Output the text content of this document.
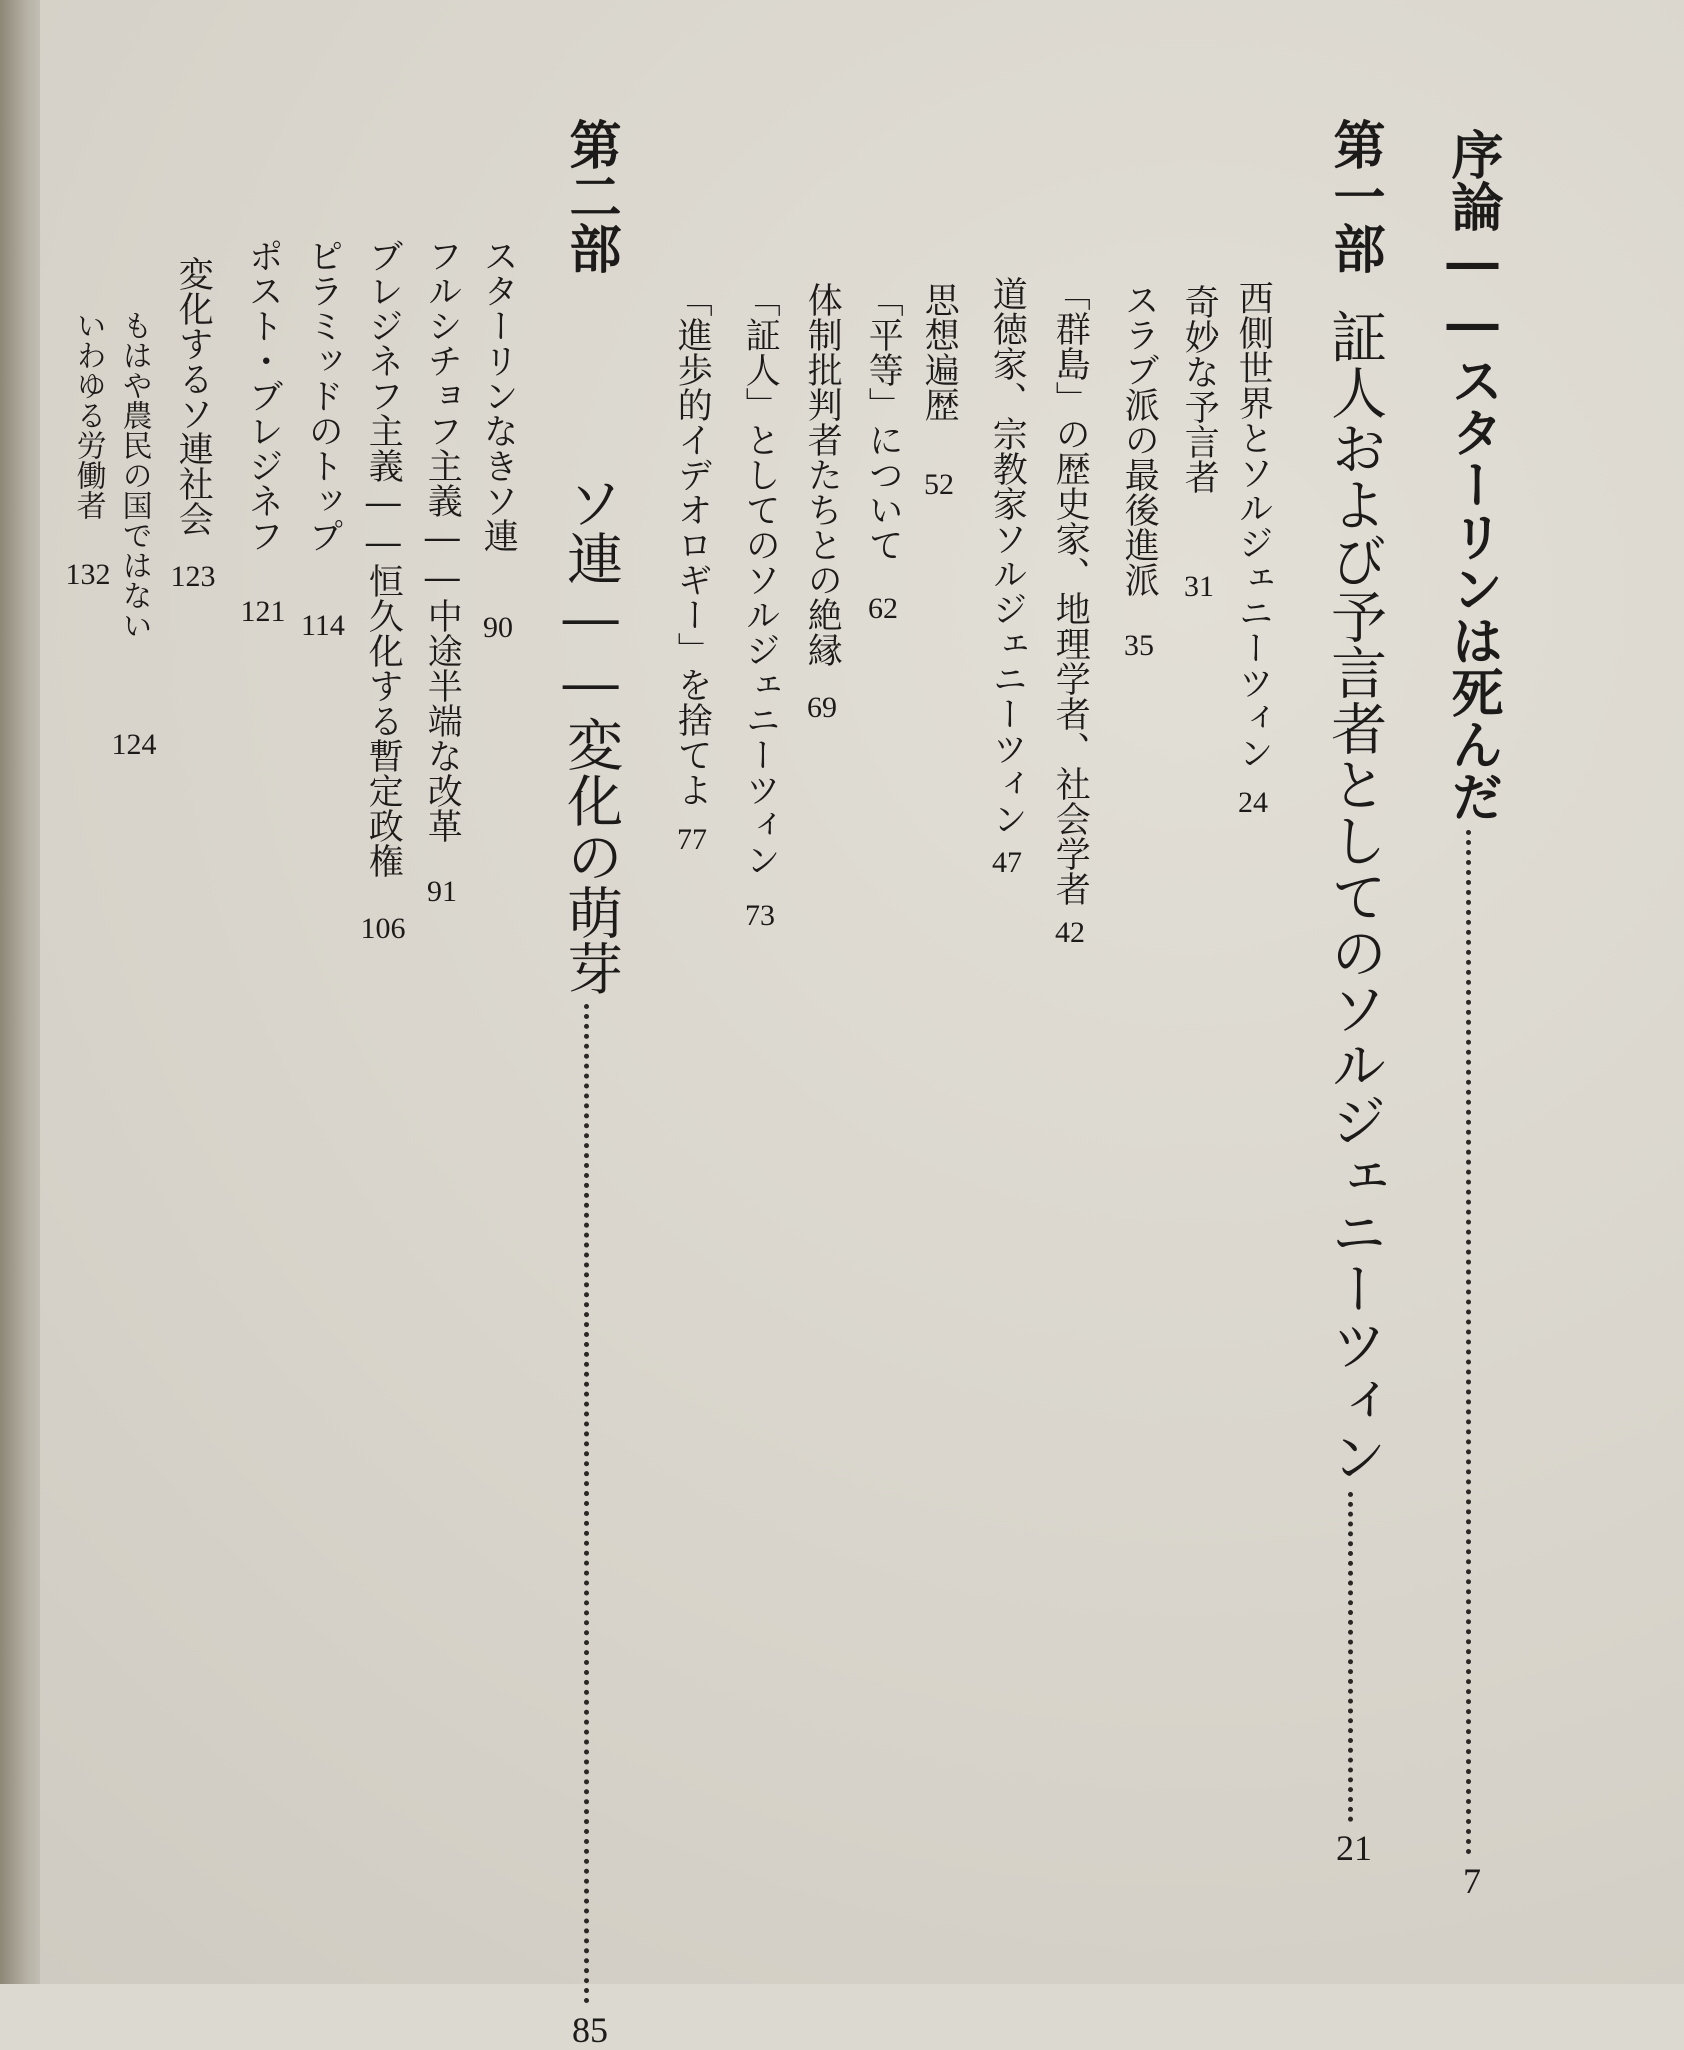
序論――スターリンは死んだ
7
第一部
証人および予言者としてのソルジェニーツィン
21
西側世界とソルジェニーツィン
24
奇妙な予言者
31
スラブ派の最後進派
35
「群島」の歴史家、地理学者、社会学者
42
道徳家、宗教家ソルジェニーツィン
47
思想遍歴
52
「平等」について
62
体制批判者たちとの絶縁
69
「証人」としてのソルジェニーツィン
73
「進歩的イデオロギー」を捨てよ
77
第二部
ソ連――変化の萌芽
85
スターリンなきソ連
90
フルシチョフ主義――中途半端な改革
91
ブレジネフ主義――恒久化する暫定政権
106
ピラミッドのトップ
114
ポスト・ブレジネフ
121
変化するソ連社会
123
もはや農民の国ではない
124
いわゆる労働者
132
